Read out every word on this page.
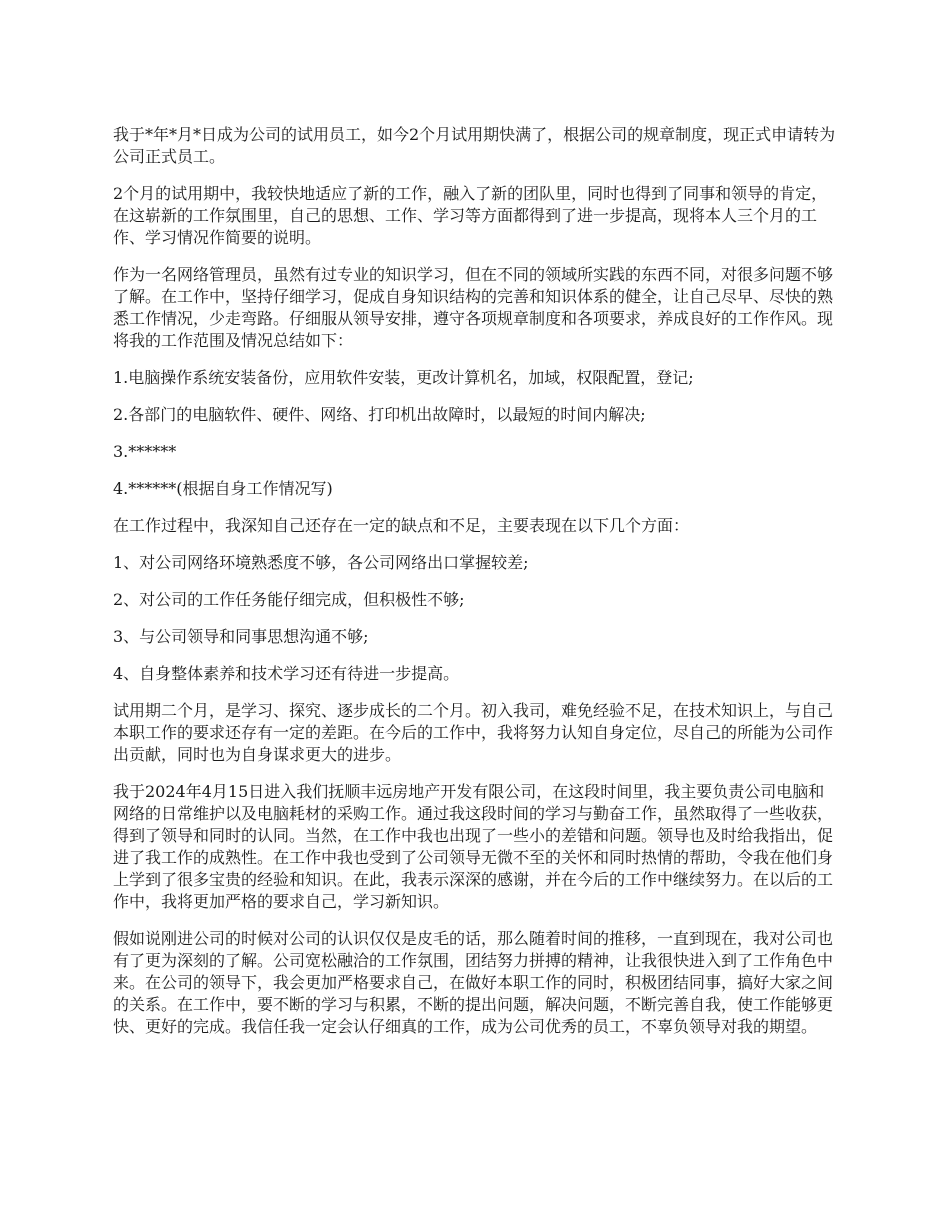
我于*年*月*日成为公司的试用员工，如今2个月试用期快满了，根据公司的规章制度，现正式申请转为公司正式员工。

2个月的试用期中，我较快地适应了新的工作，融入了新的团队里，同时也得到了同事和领导的肯定，在这崭新的工作氛围里，自己的思想、工作、学习等方面都得到了进一步提高，现将本人三个月的工作、学习情况作简要的说明。

作为一名网络管理员，虽然有过专业的知识学习，但在不同的领域所实践的东西不同，对很多问题不够了解。在工作中，坚持仔细学习，促成自身知识结构的完善和知识体系的健全，让自己尽早、尽快的熟悉工作情况，少走弯路。仔细服从领导安排，遵守各项规章制度和各项要求，养成良好的工作作风。现将我的工作范围及情况总结如下：

1.电脑操作系统安装备份，应用软件安装，更改计算机名，加域，权限配置，登记;

2.各部门的电脑软件、硬件、网络、打印机出故障时，以最短的时间内解决;

3.******

4.******(根据自身工作情况写)

在工作过程中，我深知自己还存在一定的缺点和不足，主要表现在以下几个方面：

1、对公司网络环境熟悉度不够，各公司网络出口掌握较差;

2、对公司的工作任务能仔细完成，但积极性不够;

3、与公司领导和同事思想沟通不够;

4、自身整体素养和技术学习还有待进一步提高。

试用期二个月，是学习、探究、逐步成长的二个月。初入我司，难免经验不足，在技术知识上，与自己本职工作的要求还存有一定的差距。在今后的工作中，我将努力认知自身定位，尽自己的所能为公司作出贡献，同时也为自身谋求更大的进步。

我于2024年4月15日进入我们抚顺丰远房地产开发有限公司，在这段时间里，我主要负责公司电脑和网络的日常维护以及电脑耗材的采购工作。通过我这段时间的学习与勤奋工作，虽然取得了一些收获，得到了领导和同时的认同。当然，在工作中我也出现了一些小的差错和问题。领导也及时给我指出，促进了我工作的成熟性。在工作中我也受到了公司领导无微不至的关怀和同时热情的帮助，令我在他们身上学到了很多宝贵的经验和知识。在此，我表示深深的感谢，并在今后的工作中继续努力。在以后的工作中，我将更加严格的要求自己，学习新知识。

假如说刚进公司的时候对公司的认识仅仅是皮毛的话，那么随着时间的推移，一直到现在，我对公司也有了更为深刻的了解。公司宽松融洽的工作氛围，团结努力拼搏的精神，让我很快进入到了工作角色中来。在公司的领导下，我会更加严格要求自己，在做好本职工作的同时，积极团结同事，搞好大家之间的关系。在工作中，要不断的学习与积累，不断的提出问题，解决问题，不断完善自我，使工作能够更快、更好的完成。我信任我一定会认仔细真的工作，成为公司优秀的员工，不辜负领导对我的期望。
